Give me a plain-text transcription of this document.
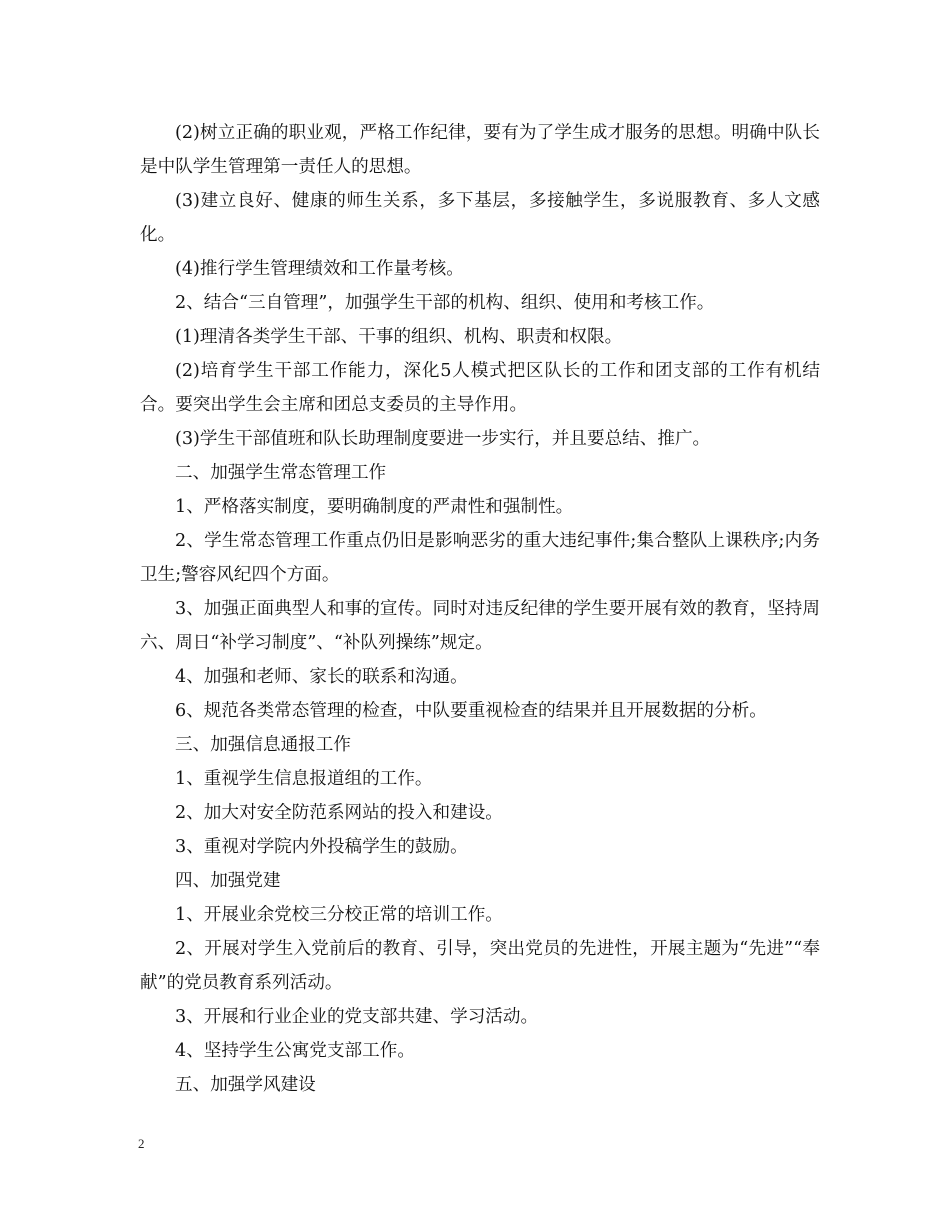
(2)树立正确的职业观，严格工作纪律，要有为了学生成才服务的思想。明确中队长是中队学生管理第一责任人的思想。

(3)建立良好、健康的师生关系，多下基层，多接触学生，多说服教育、多人文感化。

(4)推行学生管理绩效和工作量考核。

2、结合“三自管理”，加强学生干部的机构、组织、使用和考核工作。

(1)理清各类学生干部、干事的组织、机构、职责和权限。

(2)培育学生干部工作能力，深化5人模式把区队长的工作和团支部的工作有机结合。要突出学生会主席和团总支委员的主导作用。

(3)学生干部值班和队长助理制度要进一步实行，并且要总结、推广。

二、加强学生常态管理工作

1、严格落实制度，要明确制度的严肃性和强制性。

2、学生常态管理工作重点仍旧是影响恶劣的重大违纪事件;集合整队上课秩序;内务卫生;警容风纪四个方面。

3、加强正面典型人和事的宣传。同时对违反纪律的学生要开展有效的教育，坚持周六、周日“补学习制度”、“补队列操练”规定。

4、加强和老师、家长的联系和沟通。

6、规范各类常态管理的检查，中队要重视检查的结果并且开展数据的分析。

三、加强信息通报工作

1、重视学生信息报道组的工作。

2、加大对安全防范系网站的投入和建设。

3、重视对学院内外投稿学生的鼓励。

四、加强党建

1、开展业余党校三分校正常的培训工作。

2、开展对学生入党前后的教育、引导，突出党员的先进性，开展主题为“先进”“奉献”的党员教育系列活动。

3、开展和行业企业的党支部共建、学习活动。

4、坚持学生公寓党支部工作。

五、加强学风建设

2
